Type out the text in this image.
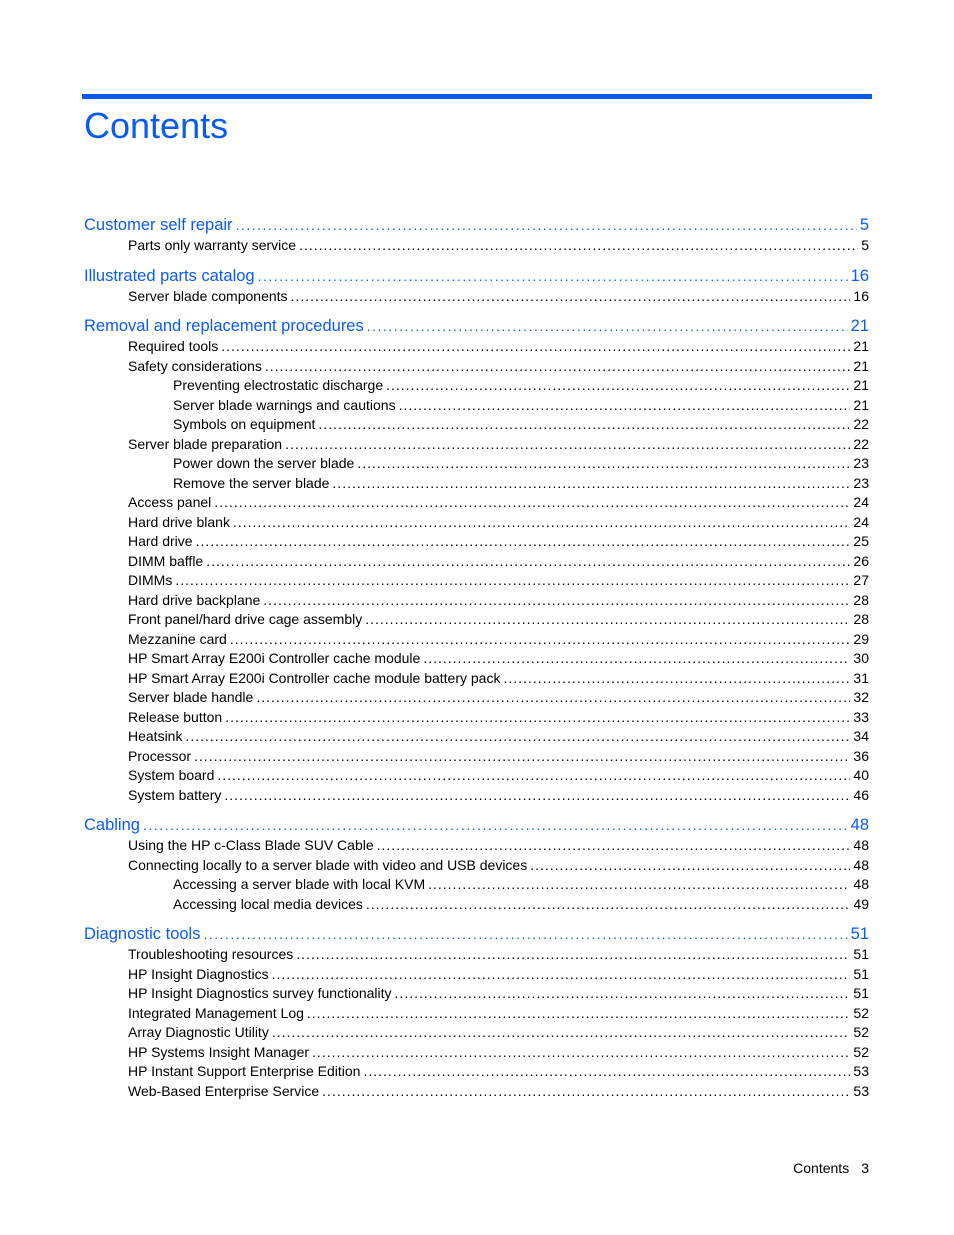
Contents
Customer self repair .....	5
Parts only warranty service .....	5
Illustrated parts catalog .....	16
Server blade components .....	16
Removal and replacement procedures .....	21
Required tools .....	21
Safety considerations .....	21
Preventing electrostatic discharge .....	21
Server blade warnings and cautions .....	21
Symbols on equipment .....	22
Server blade preparation .....	22
Power down the server blade .....	23
Remove the server blade .....	23
Access panel .....	24
Hard drive blank .....	24
Hard drive .....	25
DIMM baffle .....	26
DIMMs .....	27
Hard drive backplane .....	28
Front panel/hard drive cage assembly .....	28
Mezzanine card .....	29
HP Smart Array E200i Controller cache module .....	30
HP Smart Array E200i Controller cache module battery pack .....	31
Server blade handle .....	32
Release button .....	33
Heatsink .....	34
Processor .....	36
System board .....	40
System battery .....	46
Cabling .....	48
Using the HP c-Class Blade SUV Cable .....	48
Connecting locally to a server blade with video and USB devices .....	48
Accessing a server blade with local KVM .....	48
Accessing local media devices .....	49
Diagnostic tools .....	51
Troubleshooting resources .....	51
HP Insight Diagnostics .....	51
HP Insight Diagnostics survey functionality .....	51
Integrated Management Log .....	52
Array Diagnostic Utility .....	52
HP Systems Insight Manager .....	52
HP Instant Support Enterprise Edition .....	53
Web-Based Enterprise Service .....	53
Contents 3
